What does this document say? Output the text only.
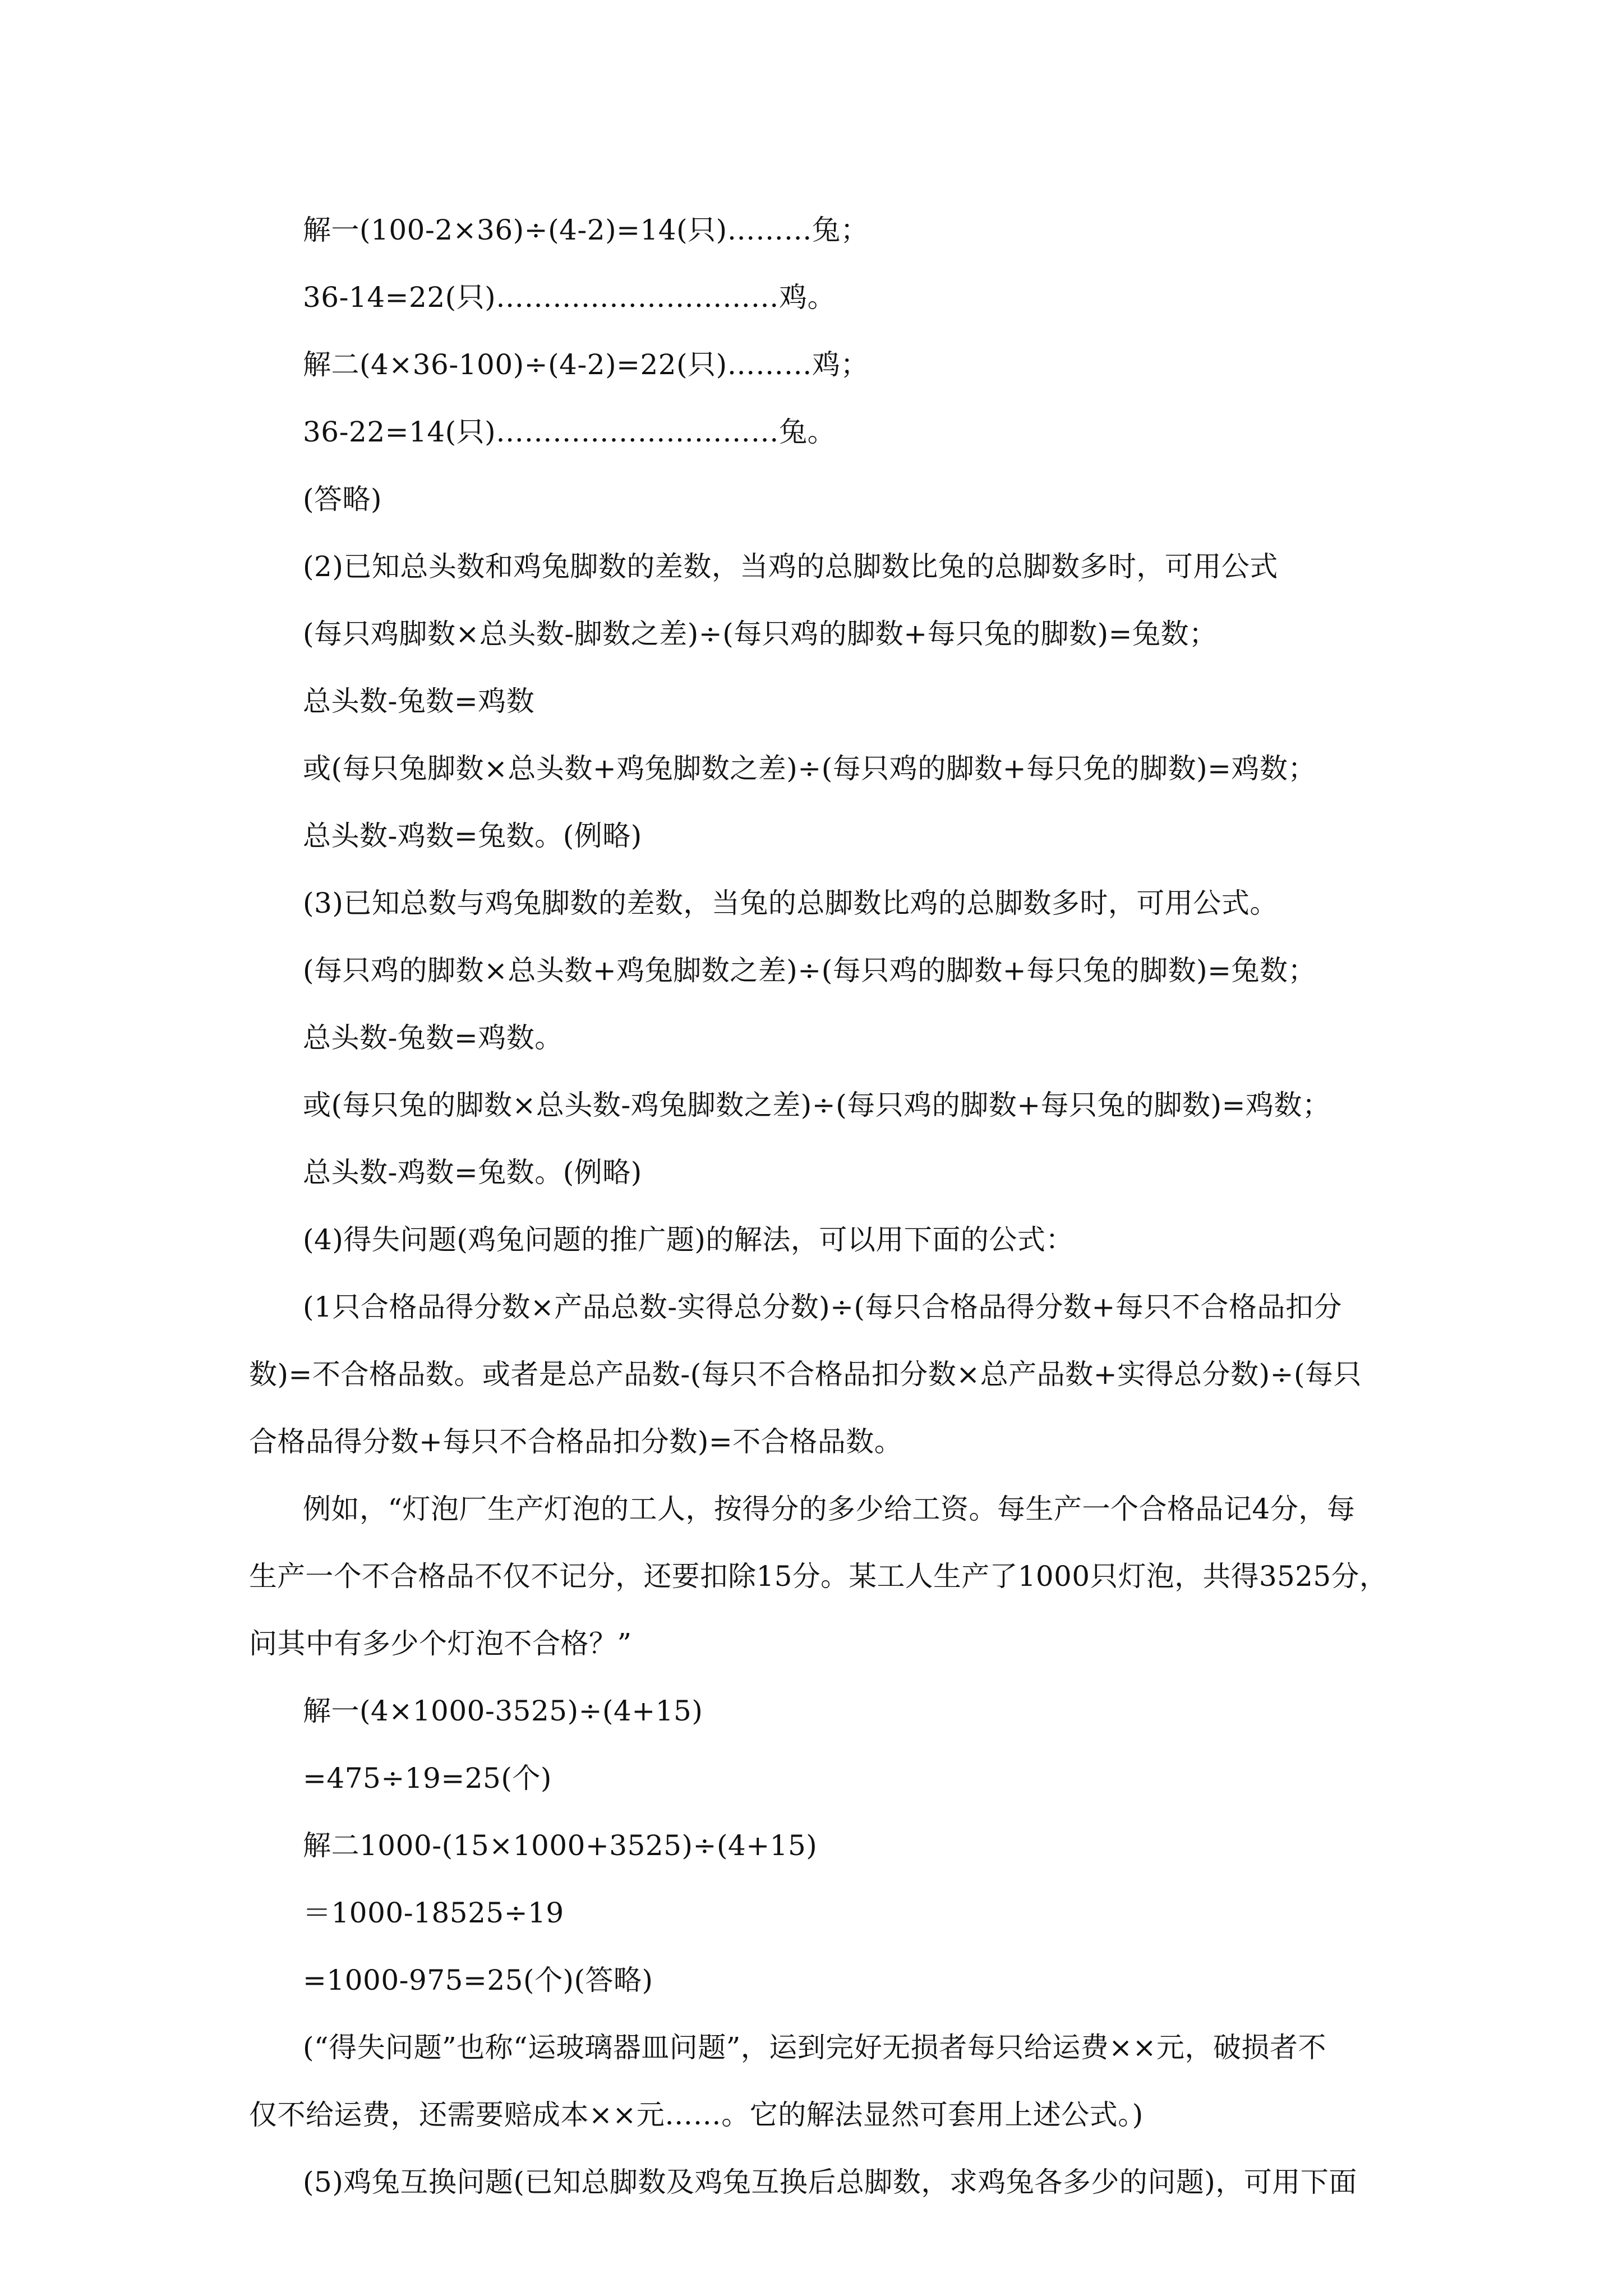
解一(100-2×36)÷(4-2)=14(只)………兔；
36-14=22(只)…………………………鸡。
解二(4×36-100)÷(4-2)=22(只)………鸡；
36-22=14(只)…………………………兔。
(答略)
(2)已知总头数和鸡兔脚数的差数，当鸡的总脚数比兔的总脚数多时，可用公式
(每只鸡脚数×总头数-脚数之差)÷(每只鸡的脚数+每只兔的脚数)=兔数；
总头数-兔数=鸡数
或(每只兔脚数×总头数+鸡兔脚数之差)÷(每只鸡的脚数+每只免的脚数)=鸡数；
总头数-鸡数=兔数。(例略)
(3)已知总数与鸡兔脚数的差数，当兔的总脚数比鸡的总脚数多时，可用公式。
(每只鸡的脚数×总头数+鸡兔脚数之差)÷(每只鸡的脚数+每只兔的脚数)=兔数；
总头数-兔数=鸡数。
或(每只兔的脚数×总头数-鸡兔脚数之差)÷(每只鸡的脚数+每只兔的脚数)=鸡数；
总头数-鸡数=兔数。(例略)
(4)得失问题(鸡兔问题的推广题)的解法，可以用下面的公式：
(1只合格品得分数×产品总数-实得总分数)÷(每只合格品得分数+每只不合格品扣分
数)=不合格品数。或者是总产品数-(每只不合格品扣分数×总产品数+实得总分数)÷(每只
合格品得分数+每只不合格品扣分数)=不合格品数。
例如，“灯泡厂生产灯泡的工人，按得分的多少给工资。每生产一个合格品记4分，每
生产一个不合格品不仅不记分，还要扣除15分。某工人生产了1000只灯泡，共得3525分，
问其中有多少个灯泡不合格？”
解一(4×1000-3525)÷(4+15)
=475÷19=25(个)
解二1000-(15×1000+3525)÷(4+15)
＝1000-18525÷19
=1000-975=25(个)(答略)
(“得失问题”也称“运玻璃器皿问题”，运到完好无损者每只给运费××元，破损者不
仅不给运费，还需要赔成本××元……。它的解法显然可套用上述公式。)
(5)鸡兔互换问题(已知总脚数及鸡兔互换后总脚数，求鸡兔各多少的问题)，可用下面
